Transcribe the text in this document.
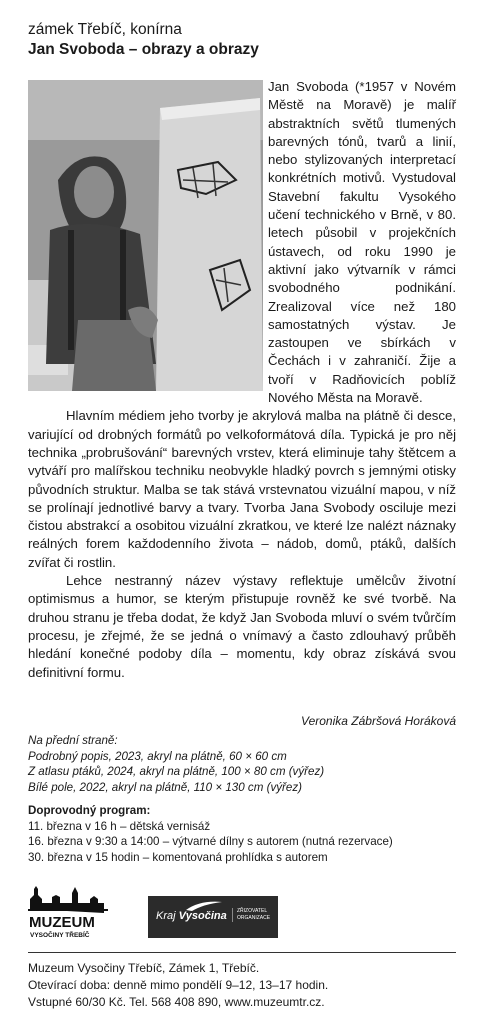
zámek Třebíč, konírna
Jan Svoboda – obrazy a obrazy

Jan Svoboda (*1957 v Novém Městě na Moravě) je malíř abstraktních světů tlumených barevných tónů, tvarů a linií, nebo stylizovaných interpretací konkrétních motivů. Vystudoval Stavební fakultu Vysokého učení technického v Brně, v 80. letech působil v projekčních ústavech, od roku 1990 je aktivní jako výtvarník v rámci svobodného podnikání. Zrealizoval více než 180 samostatných výstav. Je zastoupen ve sbírkách v Čechách i v zahraničí. Žije a tvoří v Radňovicích poblíž Nového Města na Moravě.

Hlavním médiem jeho tvorby je akrylová malba na plátně či desce, variující od drobných formátů po velkoformátová díla. Typická je pro něj technika „probrušování“ barevných vrstev, která eliminuje tahy štětcem a vytváří pro malířskou techniku neobvykle hladký povrch s jemnými otisky původních struktur. Malba se tak stává vrstevnatou vizuální mapou, v níž se prolínají jednotlivé barvy a tvary. Tvorba Jana Svobody osciluje mezi čistou abstrakcí a osobitou vizuální zkratkou, ve které lze nalézt náznaky reálných forem každodenního života – nádob, domů, ptáků, dalších zvířat či rostlin.

Lehce nestranný název výstavy reflektuje umělcův životní optimismus a humor, se kterým přistupuje rovněž ke své tvorbě. Na druhou stranu je třeba dodat, že když Jan Svoboda mluví o svém tvůrčím procesu, je zřejmé, že se jedná o vnímavý a často zdlouhavý průběh hledání konečné podoby díla – momentu, kdy obraz získává svou definitivní formu.

Veronika Zábršová Horáková
Na přední straně:
Podrobný popis, 2023, akryl na plátně, 60 × 60 cm
Z atlasu ptáků, 2024, akryl na plátně, 100 × 80 cm (výřez)
Bílé pole, 2022, akryl na plátně, 110 × 130 cm (výřez)
Doprovodný program:
11. března v 16 h – dětská vernisáž
16. března v 9:30 a 14:00 – výtvarné dílny s autorem (nutná rezervace)
30. března v 15 hodin – komentovaná prohlídka s autorem
MUZEUM
VYSOČINY TŘEBÍČ
Kraj Vysočina	ZŘIZOVATEL
ORGANIZACE
Muzeum Vysočiny Třebíč, Zámek 1, Třebíč.
Otevírací doba: denně mimo pondělí 9–12, 13–17 hodin.
Vstupné 60/30 Kč. Tel. 568 408 890, www.muzeumtr.cz.
